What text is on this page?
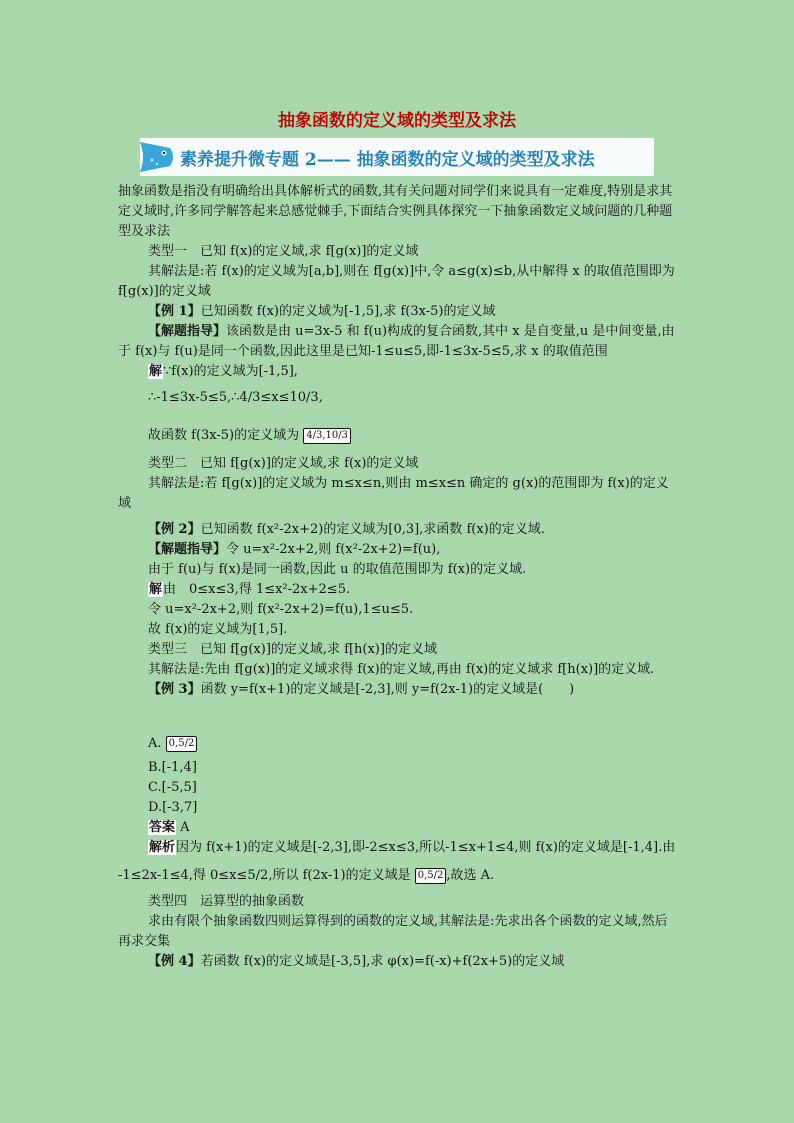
抽象函数的定义域的类型及求法
素养提升微专题 2—— 抽象函数的定义域的类型及求法

抽象函数是指没有明确给出具体解析式的函数,其有关问题对同学们来说具有一定难度,特别是求其定义域时,许多同学解答起来总感觉棘手,下面结合实例具体探究一下抽象函数定义域问题的几种题型及求法

类型一　已知 f(x)的定义域,求 f[g(x)]的定义域

其解法是:若 f(x)的定义域为[a,b],则在 f[g(x)]中,令 a≤g(x)≤b,从中解得 x 的取值范围即为 f[g(x)]的定义域

【例 1】已知函数 f(x)的定义域为[-1,5],求 f(3x-5)的定义域

【解题指导】该函数是由 u=3x-5 和 f(u)构成的复合函数,其中 x 是自变量,u 是中间变量,由于 f(x)与 f(u)是同一个函数,因此这里是已知-1≤u≤5,即-1≤3x-5≤5,求 x 的取值范围

解∵f(x)的定义域为[-1,5],

∴-1≤3x-5≤5,∴4/3≤x≤10/3,

故函数 f(3x-5)的定义域为 4/3,10/3

类型二　已知 f[g(x)]的定义域,求 f(x)的定义域

其解法是:若 f[g(x)]的定义域为 m≤x≤n,则由 m≤x≤n 确定的 g(x)的范围即为 f(x)的定义域

【例 2】已知函数 f(x²-2x+2)的定义域为[0,3],求函数 f(x)的定义域.

【解题指导】令 u=x²-2x+2,则 f(x²-2x+2)=f(u),

由于 f(u)与 f(x)是同一函数,因此 u 的取值范围即为 f(x)的定义域.

解由　0≤x≤3,得 1≤x²-2x+2≤5.

令 u=x²-2x+2,则 f(x²-2x+2)=f(u),1≤u≤5.

故 f(x)的定义域为[1,5].

类型三　已知 f[g(x)]的定义域,求 f[h(x)]的定义域

其解法是:先由 f[g(x)]的定义域求得 f(x)的定义域,再由 f(x)的定义域求 f[h(x)]的定义域.

【例 3】函数 y=f(x+1)的定义域是[-2,3],则 y=f(2x-1)的定义域是(　　)

A. 0,5/2

B.[-1,4]

C.[-5,5]

D.[-3,7]

答案 A

解析因为 f(x+1)的定义域是[-2,3],即-2≤x≤3,所以-1≤x+1≤4,则 f(x)的定义域是[-1,4].由

-1≤2x-1≤4,得 0≤x≤5/2,所以 f(2x-1)的定义域是 0,5/2 ,故选 A.

类型四　运算型的抽象函数

求由有限个抽象函数四则运算得到的函数的定义域,其解法是:先求出各个函数的定义域,然后再求交集

【例 4】若函数 f(x)的定义域是[-3,5],求 φ(x)=f(-x)+f(2x+5)的定义域
